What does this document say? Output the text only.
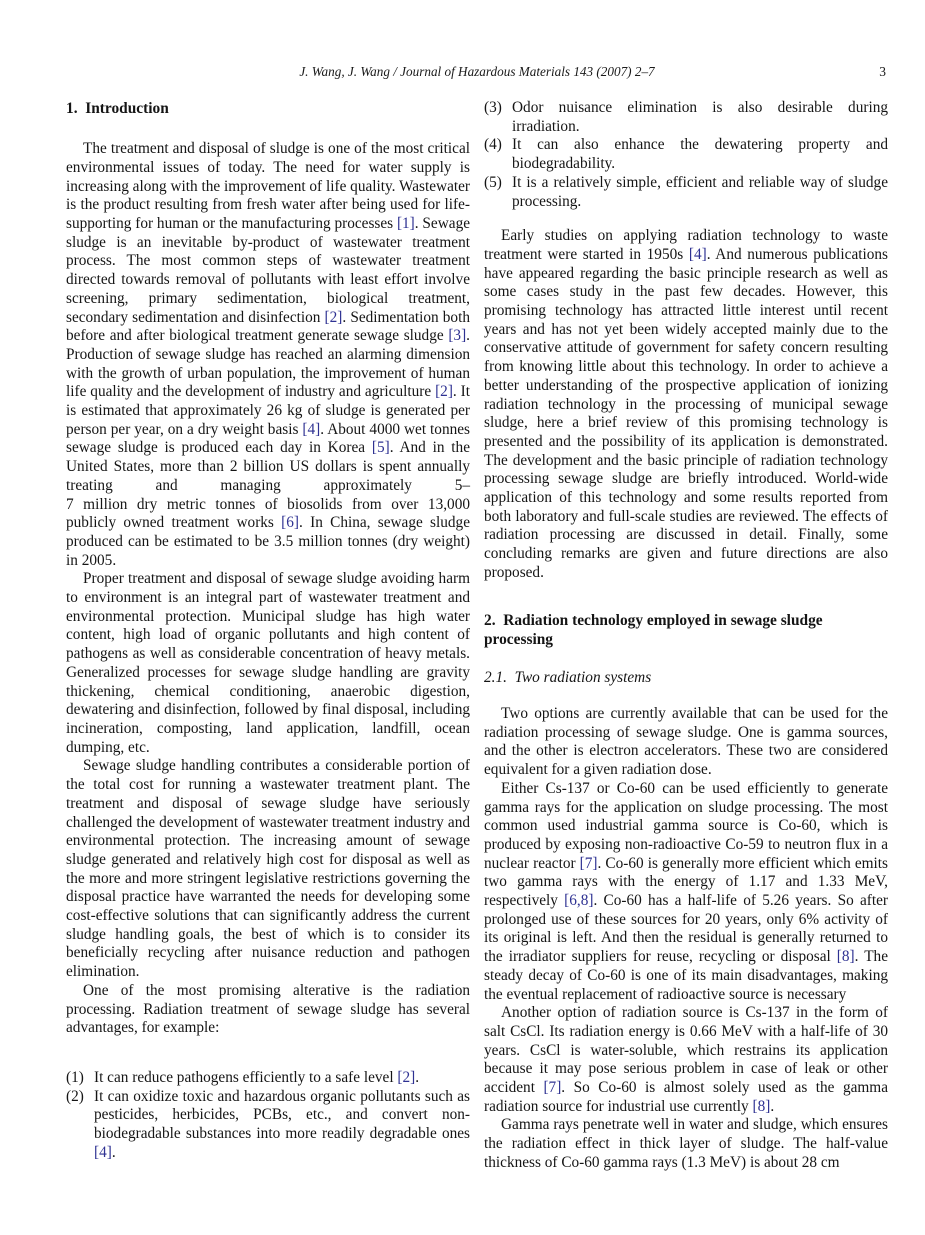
J. Wang, J. Wang / Journal of Hazardous Materials 143 (2007) 2–7	3
1.  Introduction

The treatment and disposal of sludge is one of the most critical environmental issues of today. The need for water supply is increasing along with the improvement of life quality. Wastewater is the product resulting from fresh water after being used for life-supporting for human or the manufacturing processes [1]. Sewage sludge is an inevitable by-product of wastewater treatment process. The most common steps of wastewater treatment directed towards removal of pollutants with least effort involve screening, primary sedimentation, biological treatment, secondary sedimentation and disinfection [2]. Sedimentation both before and after biological treatment generate sewage sludge [3]. Production of sewage sludge has reached an alarming dimension with the growth of urban population, the improvement of human life quality and the development of industry and agriculture [2]. It is estimated that approximately 26 kg of sludge is generated per person per year, on a dry weight basis [4]. About 4000 wet tonnes sewage sludge is produced each day in Korea [5]. And in the United States, more than 2 billion US dollars is spent annually treating and managing approximately 5–7 million dry metric tonnes of biosolids from over 13,000 publicly owned treatment works [6]. In China, sewage sludge produced can be estimated to be 3.5 million tonnes (dry weight) in 2005.

Proper treatment and disposal of sewage sludge avoiding harm to environment is an integral part of wastewater treatment and environmental protection. Municipal sludge has high water content, high load of organic pollutants and high content of pathogens as well as considerable concentration of heavy metals. Generalized processes for sewage sludge handling are gravity thickening, chemical conditioning, anaerobic digestion, dewatering and disinfection, followed by final disposal, including incineration, composting, land application, landfill, ocean dumping, etc.

Sewage sludge handling contributes a considerable portion of the total cost for running a wastewater treatment plant. The treatment and disposal of sewage sludge have seriously challenged the development of wastewater treatment industry and environmental protection. The increasing amount of sewage sludge generated and relatively high cost for disposal as well as the more and more stringent legislative restrictions governing the disposal practice have warranted the needs for developing some cost-effective solutions that can significantly address the current sludge handling goals, the best of which is to consider its beneficially recycling after nuisance reduction and pathogen elimination.

One of the most promising alterative is the radiation processing. Radiation treatment of sewage sludge has several advantages, for example:

(1) It can reduce pathogens efficiently to a safe level [2].
(2) It can oxidize toxic and hazardous organic pollutants such as pesticides, herbicides, PCBs, etc., and convert non-biodegradable substances into more readily degradable ones [4].
(3) Odor nuisance elimination is also desirable during irradiation.
(4) It can also enhance the dewatering property and biodegradability.
(5) It is a relatively simple, efficient and reliable way of sludge processing.

Early studies on applying radiation technology to waste treatment were started in 1950s [4]. And numerous publications have appeared regarding the basic principle research as well as some cases study in the past few decades. However, this promising technology has attracted little interest until recent years and has not yet been widely accepted mainly due to the conservative attitude of government for safety concern resulting from knowing little about this technology. In order to achieve a better understanding of the prospective application of ionizing radiation technology in the processing of municipal sewage sludge, here a brief review of this promising technology is presented and the possibility of its application is demonstrated. The development and the basic principle of radiation technology processing sewage sludge are briefly introduced. World-wide application of this technology and some results reported from both laboratory and full-scale studies are reviewed. The effects of radiation processing are discussed in detail. Finally, some concluding remarks are given and future directions are also proposed.

2.  Radiation technology employed in sewage sludge processing
2.1.  Two radiation systems

Two options are currently available that can be used for the radiation processing of sewage sludge. One is gamma sources, and the other is electron accelerators. These two are considered equivalent for a given radiation dose.

Either Cs-137 or Co-60 can be used efficiently to generate gamma rays for the application on sludge processing. The most common used industrial gamma source is Co-60, which is produced by exposing non-radioactive Co-59 to neutron flux in a nuclear reactor [7]. Co-60 is generally more efficient which emits two gamma rays with the energy of 1.17 and 1.33 MeV, respectively [6,8]. Co-60 has a half-life of 5.26 years. So after prolonged use of these sources for 20 years, only 6% activity of its original is left. And then the residual is generally returned to the irradiator suppliers for reuse, recycling or disposal [8]. The steady decay of Co-60 is one of its main disadvantages, making the eventual replacement of radioactive source is necessary

Another option of radiation source is Cs-137 in the form of salt CsCl. Its radiation energy is 0.66 MeV with a half-life of 30 years. CsCl is water-soluble, which restrains its application because it may pose serious problem in case of leak or other accident [7]. So Co-60 is almost solely used as the gamma radiation source for industrial use currently [8].

Gamma rays penetrate well in water and sludge, which ensures the radiation effect in thick layer of sludge. The half-value thickness of Co-60 gamma rays (1.3 MeV) is about 28 cm
